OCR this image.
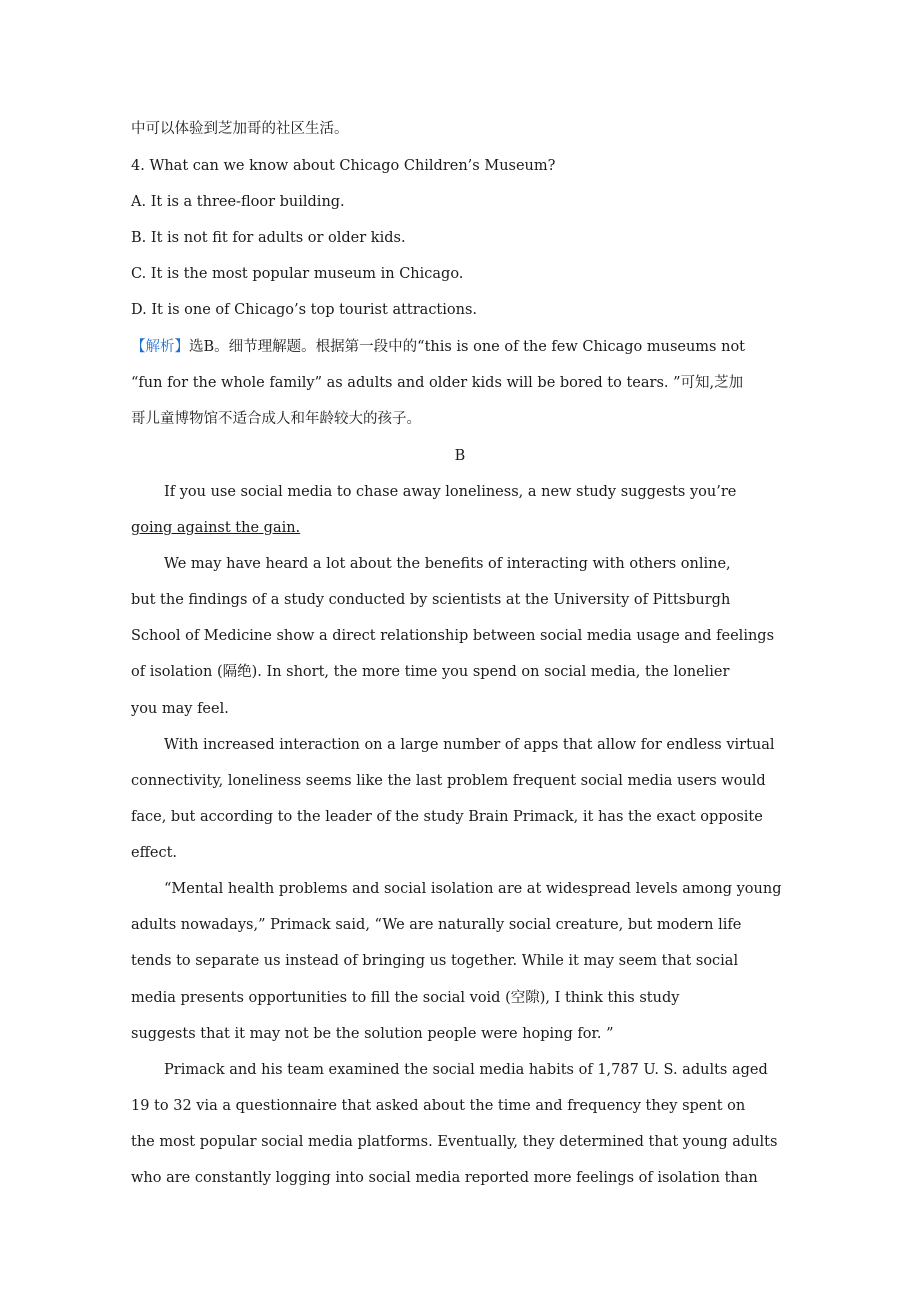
中可以体验到芝加哥的社区生活。
4. What can we know about Chicago Children’s Museum?
A. It is a three-floor building.
B. It is not fit for adults or older kids.
C. It is the most popular museum in Chicago.
D. It is one of Chicago’s top tourist attractions.
【解析】选B。细节理解题。根据第一段中的“this is one of the few Chicago museums not
“fun for the whole family” as adults and older kids will be bored to tears. ”可知,芝加
哥儿童博物馆不适合成人和年龄较大的孩子。
B
If you use social media to chase away loneliness, a new study suggests you’re
going against the gain.
We may have heard a lot about the benefits of interacting with others online,
but the findings of a study conducted by scientists at the University of Pittsburgh
School of Medicine show a direct relationship between social media usage and feelings
of isolation (隔绝). In short, the more time you spend on social media, the lonelier
you may feel.
With increased interaction on a large number of apps that allow for endless virtual
connectivity, loneliness seems like the last problem frequent social media users would
face, but according to the leader of the study Brain Primack, it has the exact opposite
effect.
“Mental health problems and social isolation are at widespread levels among young
adults nowadays,” Primack said, “We are naturally social creature, but modern life
tends to separate us instead of bringing us together. While it may seem that social
media presents opportunities to fill the social void (空隙), I think this study
suggests that it may not be the solution people were hoping for. ”
Primack and his team examined the social media habits of 1,787 U. S. adults aged
19 to 32 via a questionnaire that asked about the time and frequency they spent on
the most popular social media platforms. Eventually, they determined that young adults
who are constantly logging into social media reported more feelings of isolation than
